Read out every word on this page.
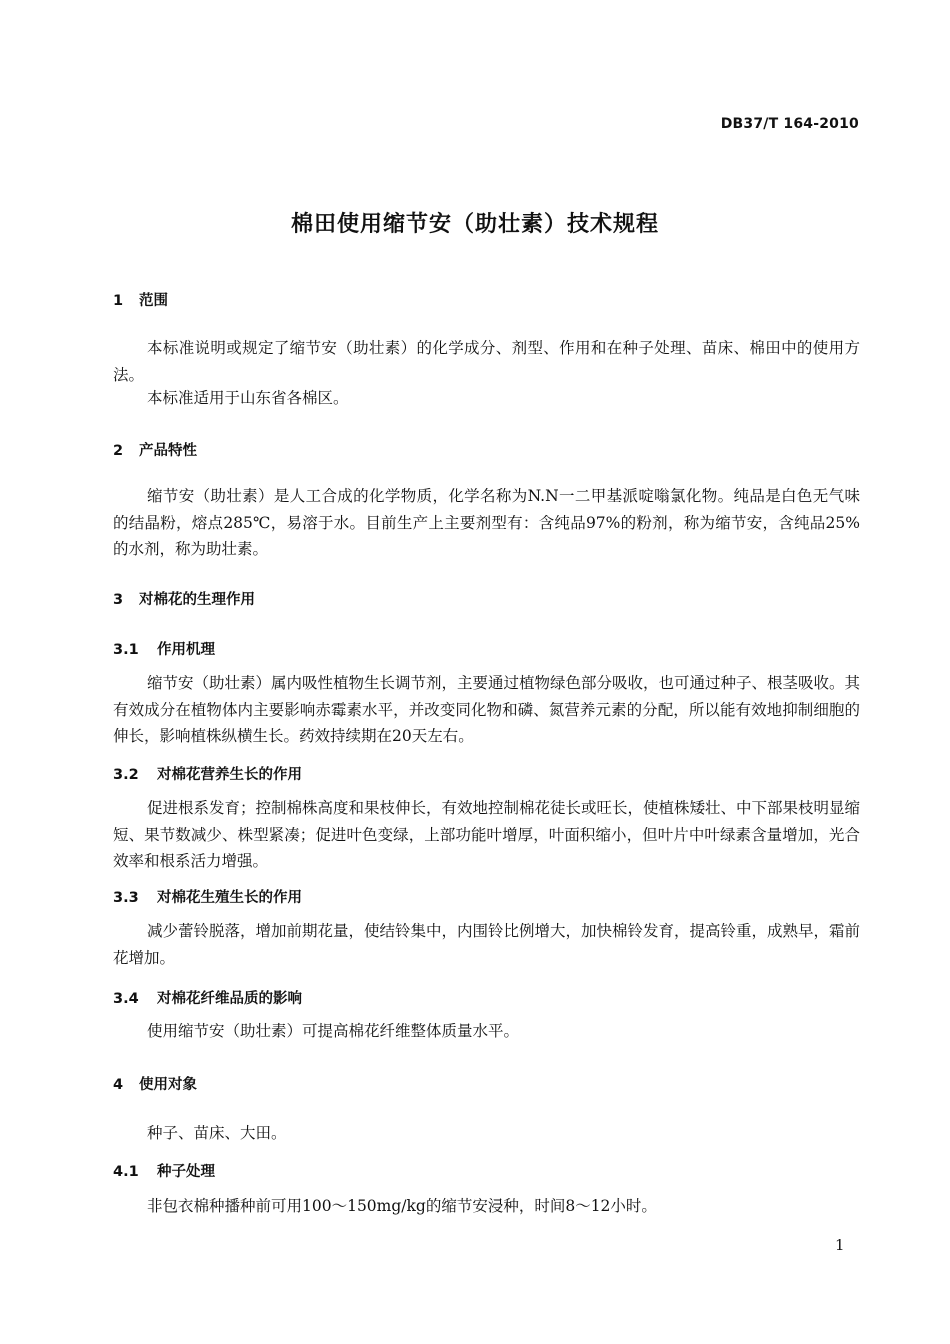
DB37/T 164-2010
棉田使用缩节安（助壮素）技术规程
1 范围

本标准说明或规定了缩节安（助壮素）的化学成分、剂型、作用和在种子处理、苗床、棉田中的使用方法。

本标准适用于山东省各棉区。

2 产品特性

缩节安（助壮素）是人工合成的化学物质，化学名称为N.N一二甲基派啶嗡氯化物。纯品是白色无气味的结晶粉，熔点285℃，易溶于水。目前生产上主要剂型有：含纯品97%的粉剂，称为缩节安，含纯品25%的水剂，称为助壮素。

3 对棉花的生理作用
3.1 作用机理

缩节安（助壮素）属内吸性植物生长调节剂，主要通过植物绿色部分吸收，也可通过种子、根茎吸收。其有效成分在植物体内主要影响赤霉素水平，并改变同化物和磷、氮营养元素的分配，所以能有效地抑制细胞的伸长，影响植株纵横生长。药效持续期在20天左右。

3.2 对棉花营养生长的作用

促进根系发育；控制棉株高度和果枝伸长，有效地控制棉花徒长或旺长，使植株矮壮、中下部果枝明显缩短、果节数减少、株型紧凑；促进叶色变绿，上部功能叶增厚，叶面积缩小，但叶片中叶绿素含量增加，光合效率和根系活力增强。

3.3 对棉花生殖生长的作用

减少蕾铃脱落，增加前期花量，使结铃集中，内围铃比例增大，加快棉铃发育，提高铃重，成熟早，霜前花增加。

3.4 对棉花纤维品质的影响

使用缩节安（助壮素）可提高棉花纤维整体质量水平。

4 使用对象

种子、苗床、大田。

4.1 种子处理

非包衣棉种播种前可用100～150mg/kg的缩节安浸种，时间8～12小时。

1
